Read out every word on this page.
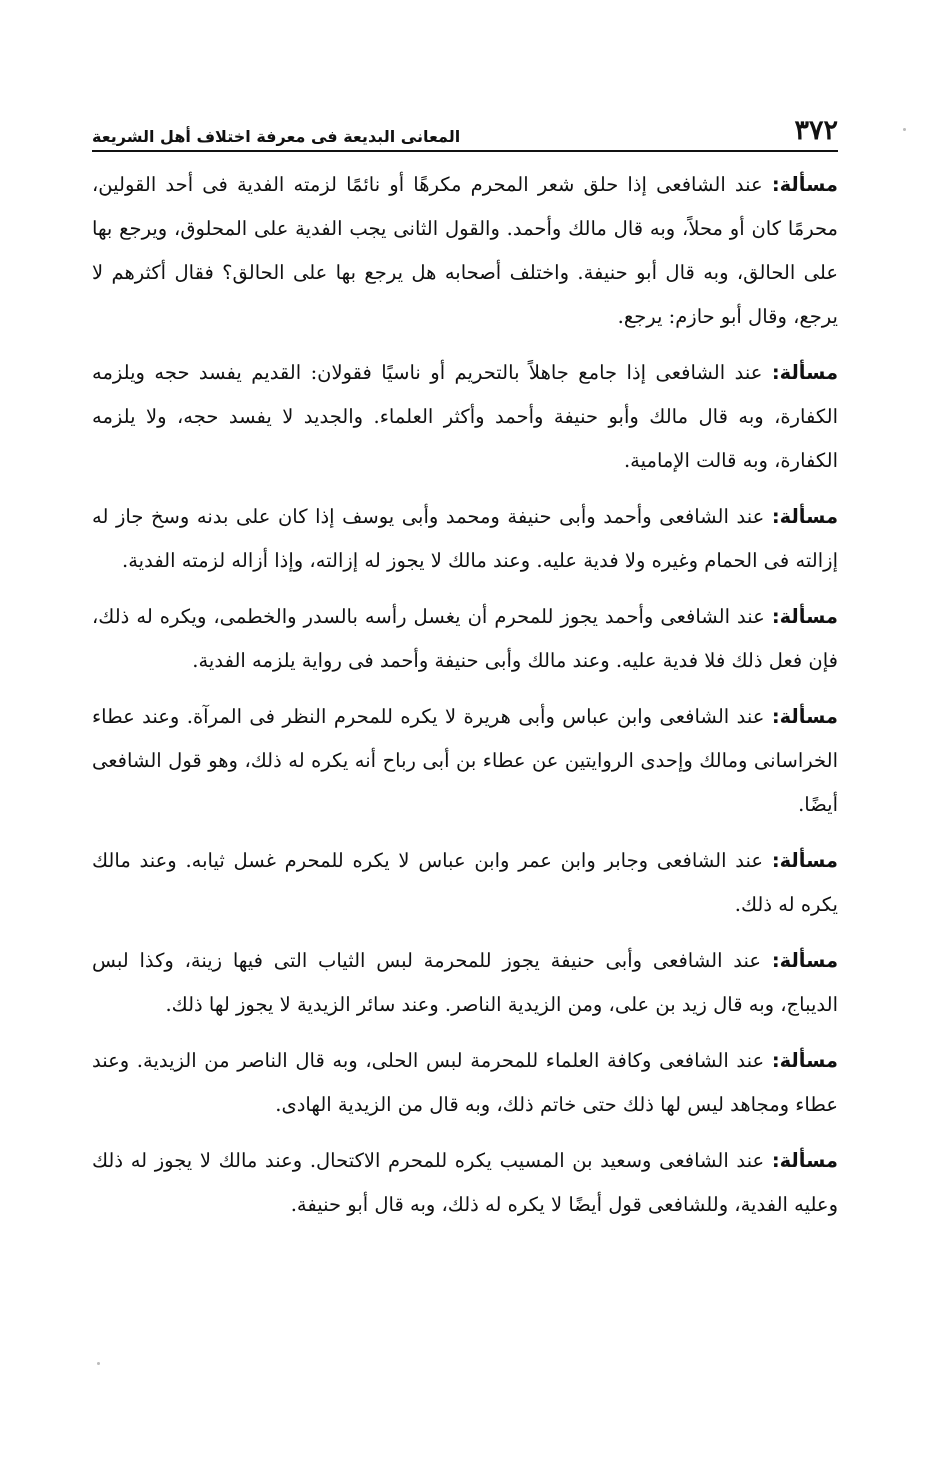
٣٧٢
المعانى البديعة فى معرفة اختلاف أهل الشريعة

مسألة: عند الشافعى إذا حلق شعر المحرم مكرهًا أو نائمًا لزمته الفدية فى أحد القولين، محرمًا كان أو محلاً، وبه قال مالك وأحمد. والقول الثانى يجب الفدية على المحلوق، ويرجع بها على الحالق، وبه قال أبو حنيفة. واختلف أصحابه هل يرجع بها على الحالق؟ فقال أكثرهم لا يرجع، وقال أبو حازم: يرجع.

مسألة: عند الشافعى إذا جامع جاهلاً بالتحريم أو ناسيًا فقولان: القديم يفسد حجه ويلزمه الكفارة، وبه قال مالك وأبو حنيفة وأحمد وأكثر العلماء. والجديد لا يفسد حجه، ولا يلزمه الكفارة، وبه قالت الإمامية.

مسألة: عند الشافعى وأحمد وأبى حنيفة ومحمد وأبى يوسف إذا كان على بدنه وسخ جاز له إزالته فى الحمام وغيره ولا فدية عليه. وعند مالك لا يجوز له إزالته، وإذا أزاله لزمته الفدية.

مسألة: عند الشافعى وأحمد يجوز للمحرم أن يغسل رأسه بالسدر والخطمى، ويكره له ذلك، فإن فعل ذلك فلا فدية عليه. وعند مالك وأبى حنيفة وأحمد فى رواية يلزمه الفدية.

مسألة: عند الشافعى وابن عباس وأبى هريرة لا يكره للمحرم النظر فى المرآة. وعند عطاء الخراسانى ومالك وإحدى الروايتين عن عطاء بن أبى رباح أنه يكره له ذلك، وهو قول الشافعى أيضًا.

مسألة: عند الشافعى وجابر وابن عمر وابن عباس لا يكره للمحرم غسل ثيابه. وعند مالك يكره له ذلك.

مسألة: عند الشافعى وأبى حنيفة يجوز للمحرمة لبس الثياب التى فيها زينة، وكذا لبس الديباج، وبه قال زيد بن على، ومن الزيدية الناصر. وعند سائر الزيدية لا يجوز لها ذلك.

مسألة: عند الشافعى وكافة العلماء للمحرمة لبس الحلى، وبه قال الناصر من الزيدية. وعند عطاء ومجاهد ليس لها ذلك حتى خاتم ذلك، وبه قال من الزيدية الهادى.

مسألة: عند الشافعى وسعيد بن المسيب يكره للمحرم الاكتحال. وعند مالك لا يجوز له ذلك وعليه الفدية، وللشافعى قول أيضًا لا يكره له ذلك، وبه قال أبو حنيفة.
